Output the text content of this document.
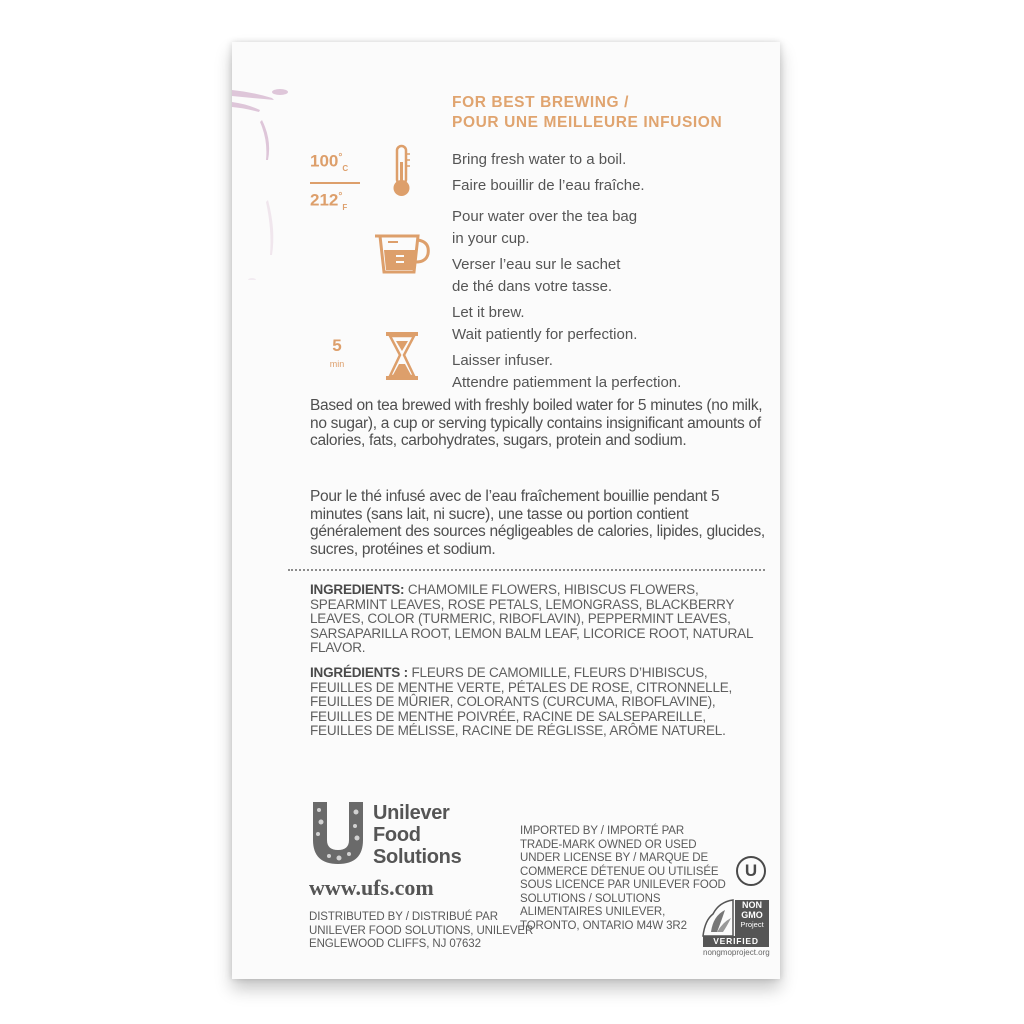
FOR BEST BREWING /
POUR UNE MEILLEURE INFUSION
$100^\circ_C$
$212^\circ_F$
Bring fresh water to a boil.
Faire bouillir de l’eau fraîche.
Pour water over the tea bag
in your cup.
Verser l’eau sur le sachet
de thé dans votre tasse.
5
min
Let it brew.
Wait patiently for perfection.
Laisser infuser.
Attendre patiemment la perfection.
Based on tea brewed with freshly boiled water for 5 minutes (no milk, no sugar), a cup or serving typically contains insignificant amounts of calories, fats, carbohydrates, sugars, protein and sodium.
Pour le thé infusé avec de l’eau fraîchement bouillie pendant 5 minutes (sans lait, ni sucre), une tasse ou portion contient généralement des sources négligeables de calories, lipides, glucides, sucres, protéines et sodium.
INGREDIENTS: CHAMOMILE FLOWERS, HIBISCUS FLOWERS, SPEARMINT LEAVES, ROSE PETALS, LEMONGRASS, BLACKBERRY LEAVES, COLOR (TURMERIC, RIBOFLAVIN), PEPPERMINT LEAVES, SARSAPARILLA ROOT, LEMON BALM LEAF, LICORICE ROOT, NATURAL FLAVOR.
INGRÉDIENTS : FLEURS DE CAMOMILLE, FLEURS D’HIBISCUS, FEUILLES DE MENTHE VERTE, PÉTALES DE ROSE, CITRONNELLE, FEUILLES DE MÛRIER, COLORANTS (CURCUMA, RIBOFLAVINE), FEUILLES DE MENTHE POIVRÉE, RACINE DE SALSEPAREILLE, FEUILLES DE MÉLISSE, RACINE DE RÉGLISSE, ARÔME NATUREL.
Unilever
Food
Solutions
www.ufs.com
DISTRIBUTED BY / DISTRIBUÉ PAR
UNILEVER FOOD SOLUTIONS, UNILEVER
ENGLEWOOD CLIFFS, NJ 07632
IMPORTED BY / IMPORTÉ PAR
TRADE-MARK OWNED OR USED
UNDER LICENSE BY / MARQUE DE
COMMERCE DÉTENUE OU UTILISÉE
SOUS LICENCE PAR UNILEVER FOOD
SOLUTIONS / SOLUTIONS
ALIMENTAIRES UNILEVER,
TORONTO, ONTARIO M4W 3R2
U
NON
GMO
Project
VERIFIED
nongmoproject.org
